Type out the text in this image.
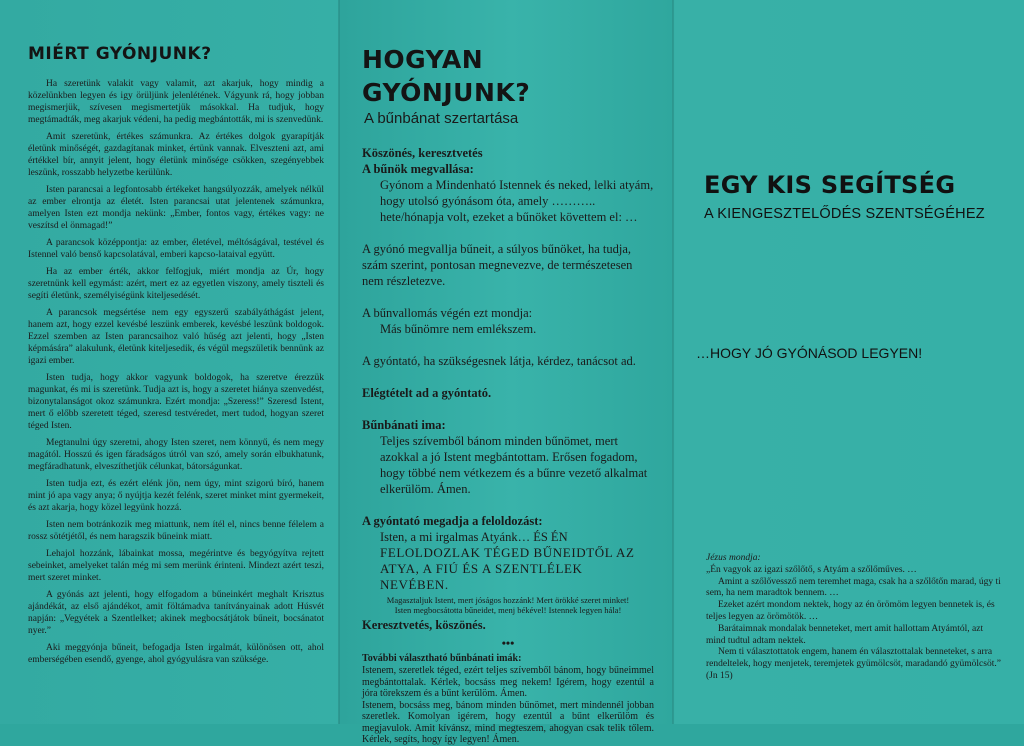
MIÉRT GYÓNJUNK?

Ha szeretünk valakit vagy valamit, azt akarjuk, hogy mindig a közelünkben legyen és igy örüljünk jelenlétének. Vágyunk rá, hogy jobban megismerjük, szívesen megismertetjük másokkal. Ha tudjuk, hogy megtámadták, meg akarjuk védeni, ha pedig megbántották, mi is szenvedünk.

Amit szeretünk, értékes számunkra. Az értékes dolgok gyarapítják életünk minőségét, gazdagítanak minket, értünk vannak. Elveszteni azt, ami értékkel bír, annyit jelent, hogy életünk minősége csökken, szegényebbek leszünk, rosszabb helyzetbe kerülünk.

Isten parancsai a legfontosabb értékeket hangsúlyozzák, amelyek nélkül az ember elrontja az életét. Isten parancsai utat jelentenek számunkra, amelyen Isten ezt mondja nekünk: „Ember, fontos vagy, értékes vagy: ne veszítsd el önmagad!”

A parancsok középpontja: az ember, életével, méltóságával, testével és Istennel való benső kapcsolatával, emberi kapcso-lataival együtt.

Ha az ember érték, akkor felfogjuk, miért mondja az Úr, hogy szeretnünk kell egymást: azért, mert ez az egyetlen viszony, amely tiszteli és segíti életünk, személyiségünk kiteljesedését.

A parancsok megsértése nem egy egyszerű szabályáthágást jelent, hanem azt, hogy ezzel kevésbé leszünk emberek, kevésbé leszünk boldogok. Ezzel szemben az Isten parancsaihoz való hűség azt jelenti, hogy „Isten képmására” alakulunk, életünk kiteljesedik, és végül megszületik bennünk az igazi ember.

Isten tudja, hogy akkor vagyunk boldogok, ha szeretve érezzük magunkat, és mi is szeretünk. Tudja azt is, hogy a szeretet hiánya szenvedést, bizonytalanságot okoz számunkra. Ezért mondja: „Szeress!” Szeresd Istent, mert ő előbb szeretett téged, szeresd testvéredet, mert tudod, hogyan szeret téged Isten.

Megtanulni úgy szeretni, ahogy Isten szeret, nem könnyű, és nem megy magától. Hosszú és igen fáradságos útról van szó, amely során elbukhatunk, megfáradhatunk, elveszíthetjük célunkat, bátorságunkat.

Isten tudja ezt, és ezért elénk jön, nem úgy, mint szigorú bíró, hanem mint jó apa vagy anya; ő nyújtja kezét felénk, szeret minket mint gyermekeit, és azt akarja, hogy közel legyünk hozzá.

Isten nem botránkozik meg miattunk, nem ítél el, nincs benne félelem a rossz sötétjétől, és nem haragszik bűneink miatt.

Lehajol hozzánk, lábainkat mossa, megérintve és begyógyítva rejtett sebeinket, amelyeket talán még mi sem merünk érinteni. Mindezt azért teszi, mert szeret minket.

A gyónás azt jelenti, hogy elfogadom a bűneinkért meghalt Krisztus ajándékát, az első ajándékot, amit föltámadva tanítványainak adott Húsvét napján: „Vegyétek a Szentlelket; akinek megbocsátjátok bűneit, bocsánatot nyer.”

Aki meggyónja bűneit, befogadja Isten irgalmát, különösen ott, ahol emberségében esendő, gyenge, ahol gyógyulásra van szüksége.

HOGYAN
GYÓNJUNK?
A bűnbánat szertartása
Köszönés, keresztvetés
A bűnök megvallása:
Gyónom a Mindenható Istennek és neked, lelki atyám, hogy utolsó gyónásom óta, amely ……….. hete/hónapja volt, ezeket a bűnöket követtem el: …
A gyónó megvallja bűneit, a súlyos bűnöket, ha tudja, szám szerint, pontosan megnevezve, de természetesen nem részletezve.
A bűnvallomás végén ezt mondja:
Más bűnömre nem emlékszem.
A gyóntató, ha szükségesnek látja, kérdez, tanácsot ad.
Elégtételt ad a gyóntató.
Bűnbánati ima:
Teljes szívemből bánom minden bűnömet, mert azokkal a jó Istent megbántottam. Erősen fogadom, hogy többé nem vétkezem és a bűnre vezető alkalmat elkerülöm. Ámen.
A gyóntató megadja a feloldozást:
Isten, a mi irgalmas Atyánk… ÉS ÉN
FELOLDOZLAK TÉGED BŰNEIDTŐL AZ
ATYA, A FIÚ ÉS A SZENTLÉLEK NEVÉBEN.
Magasztaljuk Istent, mert jóságos hozzánk! Mert örökké szeret minket!
Isten megbocsátotta bűneidet, menj békével! Istennek legyen hála!
Keresztvetés, köszönés.
•••
További választható bűnbánati imák:

Istenem, szeretlek téged, ezért teljes szívemből bánom, hogy bűneimmel megbántottalak. Kérlek, bocsáss meg nekem! Igérem, hogy ezentúl a jóra törekszem és a bűnt kerülöm. Ámen.

Istenem, bocsáss meg, bánom minden bűnömet, mert mindennél jobban szeretlek. Komolyan igérem, hogy ezentúl a bűnt elkerülöm és megjavulok. Amit kívánsz, mind megteszem, ahogyan csak telik tőlem. Kérlek, segíts, hogy így legyen! Ámen.

EGY KIS SEGÍTSÉG
A KIENGESZTELŐDÉS SZENTSÉGÉHEZ
…HOGY JÓ GYÓNÁSOD LEGYEN!
Jézus mondja:

„Én vagyok az igazi szőlőtő, s Atyám a szőlőműves. …

Amint a szőlővessző nem teremhet maga, csak ha a szőlőtőn marad, úgy ti sem, ha nem maradtok bennem. …

Ezeket azért mondom nektek, hogy az én örömöm legyen bennetek is, és teljes legyen az örömötök. …

Barátaimnak mondalak benneteket, mert amit hallottam Atyámtól, azt mind tudtul adtam nektek.

Nem ti választottatok engem, hanem én választottalak benneteket, s arra rendeltelek, hogy menjetek, teremjetek gyümölcsöt, maradandó gyümölcsöt.”

(Jn 15)
